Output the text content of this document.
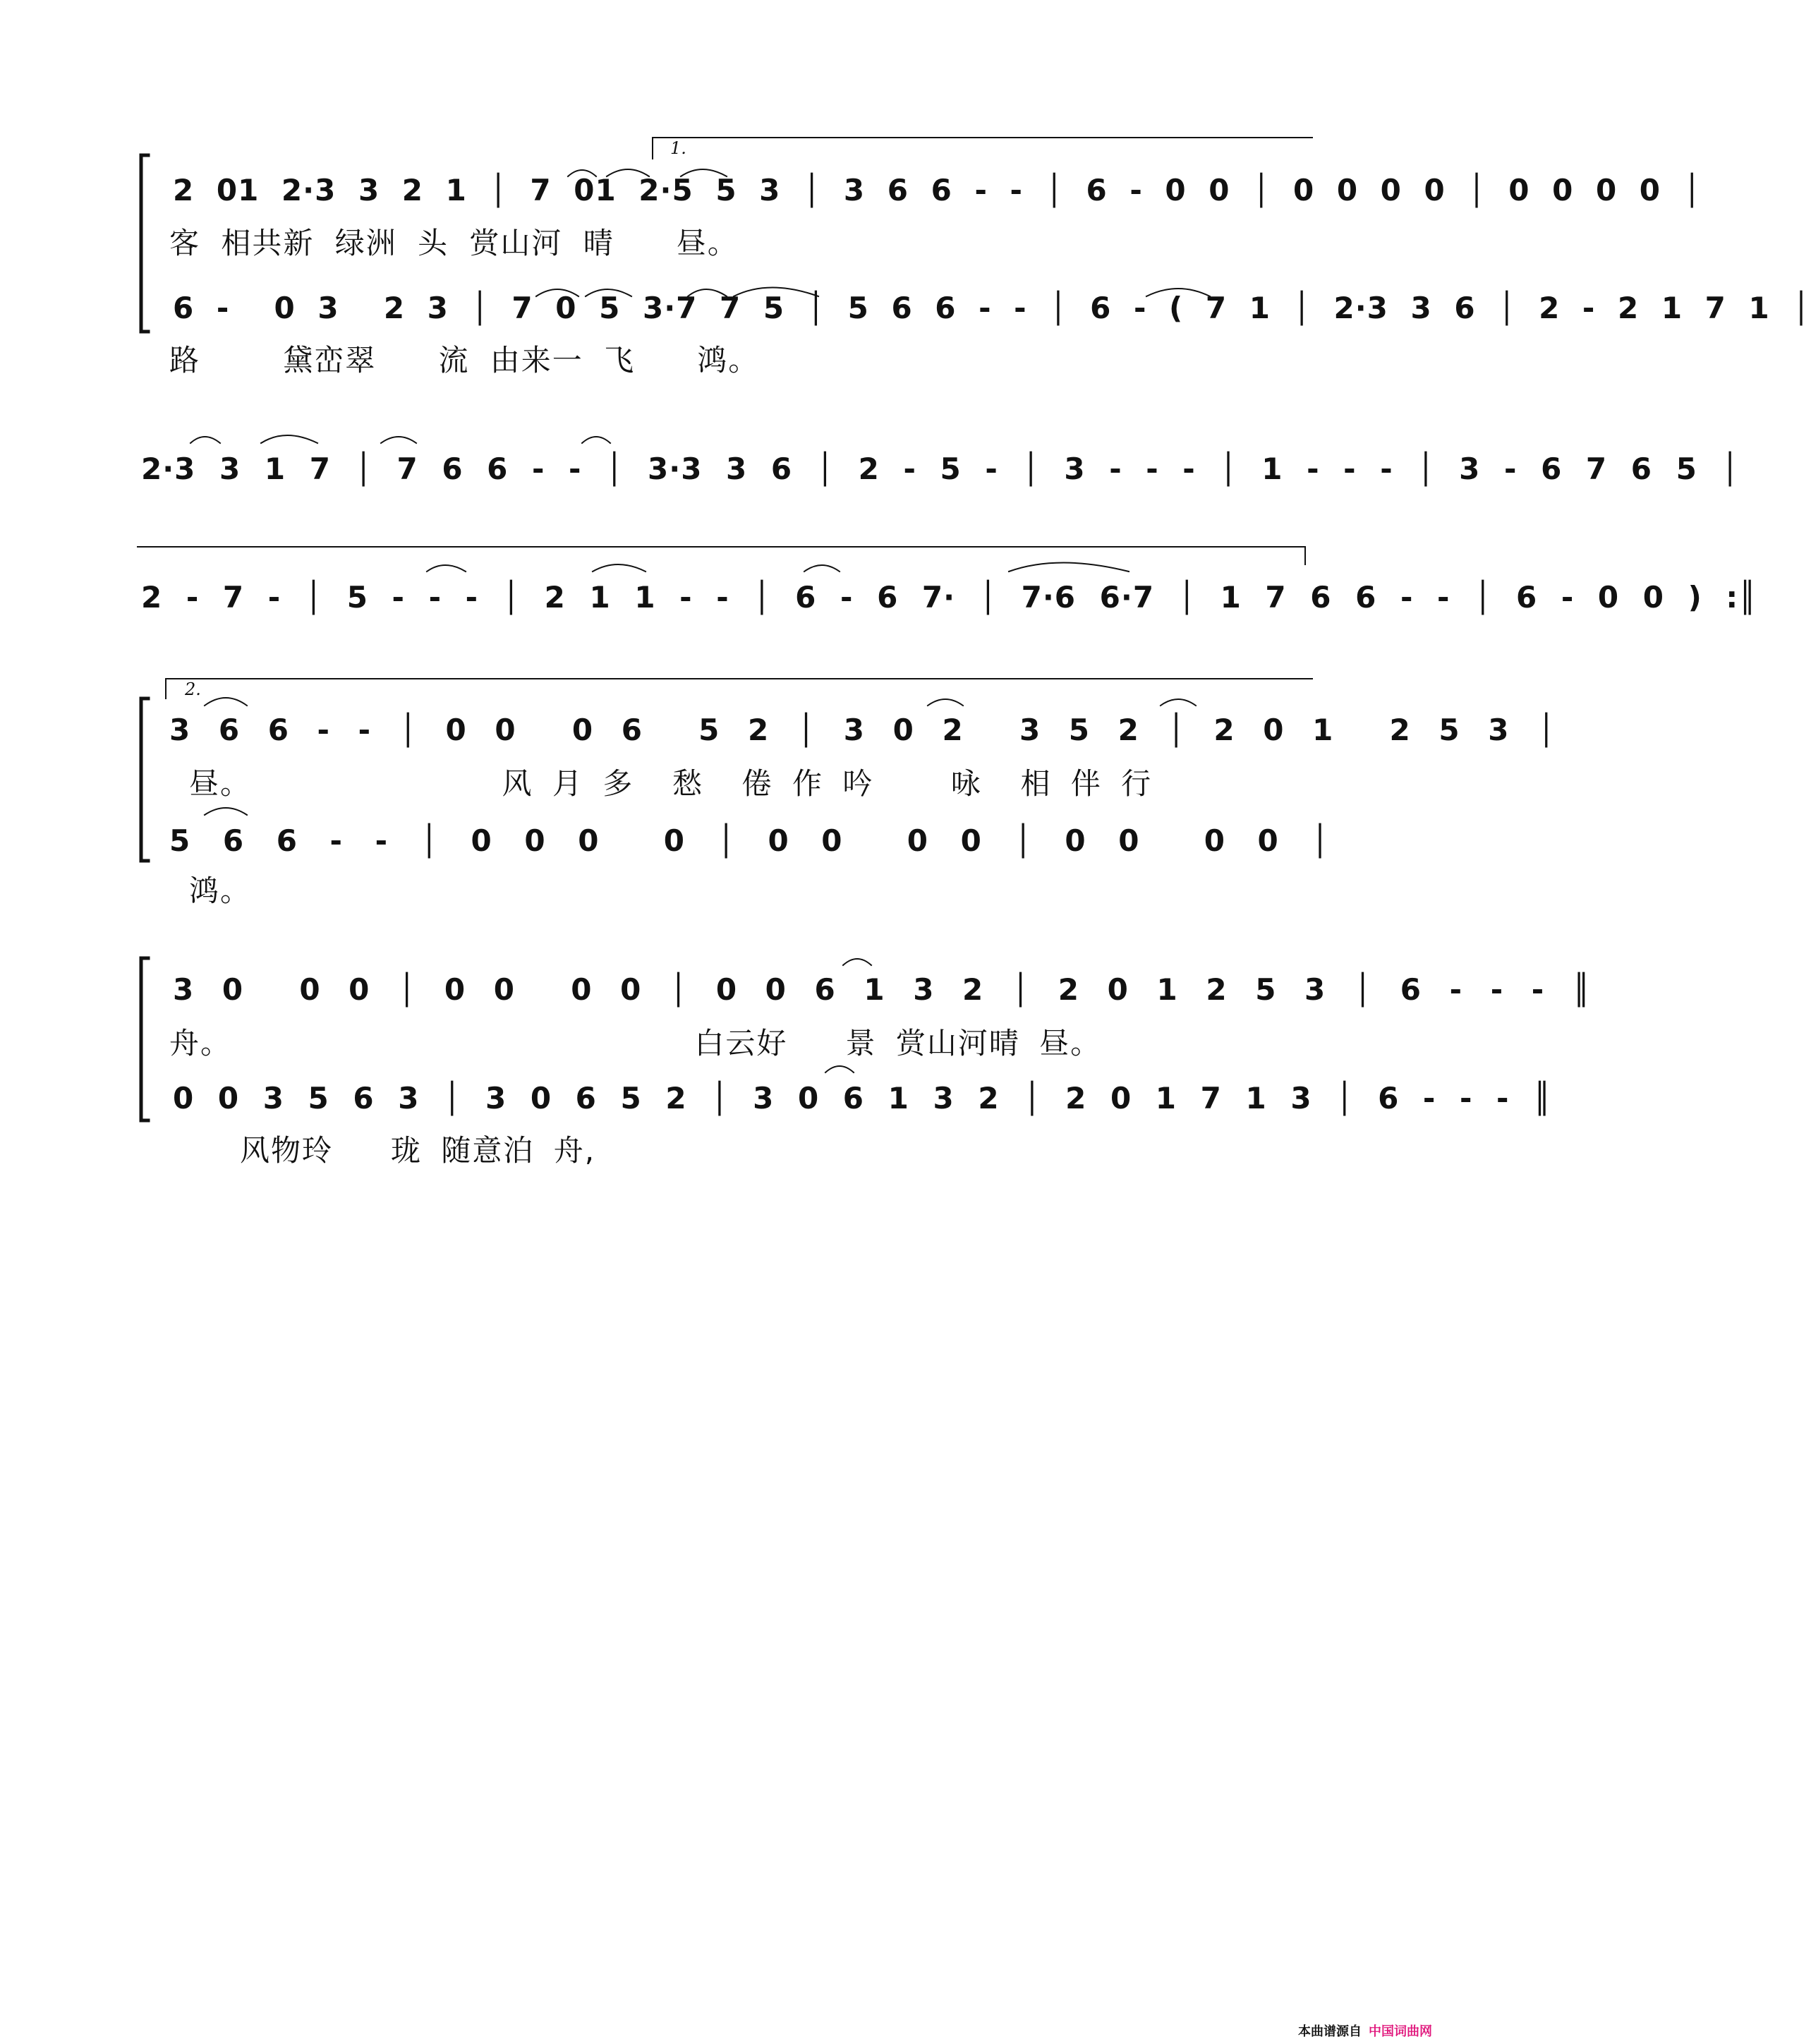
2 01 2·3 3 2 1 │ 7 01 2·5 5 3 │ 3 6 6 - - │ 6 - 0 0 │ 0 0 0 0 │ 0 0 0 0 │
客 相共新 绿洲 头 赏山河 晴   昼。
6 -  0 3  2 3 │ 7 0 5 3·7 7 5 │ 5 6 6 - - │ 6 - ( 7 1 │ 2·3 3 6 │ 2 - 2 1 7 1 │
路    黛峦翠   流 由来一 飞   鸿。
2·3 3 1 7 │ 7 6 6 - - │ 3·3 3 6 │ 2 - 5 - │ 3 - - - │ 1 - - - │ 3 - 6 7 6 5 │
2 - 7 - │ 5 - - - │ 2 1 1 - - │ 6 - 6 7· │ 7·6 6·7 │ 1 7 6 6 - - │ 6 - 0 0 ) :║
3 6 6 - - │ 0 0  0 6  5 2 │ 3 0 2  3 5 2 │ 2 0 1  2 5 3 │
昼。             风 月 多  愁  倦 作 吟    咏  相 伴 行
5 6 6 - - │ 0 0 0  0 │ 0 0  0 0 │ 0 0  0 0 │
鸿。
3 0  0 0 │ 0 0  0 0 │ 0 0 6 1 3 2 │ 2 0 1 2 5 3 │ 6 - - - ║
舟。                        白云好   景 赏山河晴 昼。
0 0 3 5 6 3 │ 3 0 6 5 2 │ 3 0 6 1 3 2 │ 2 0 1 7 1 3 │ 6 - - - ║
风物玲   珑 随意泊 舟,
1.
2.
本曲谱源自 中国词曲网
